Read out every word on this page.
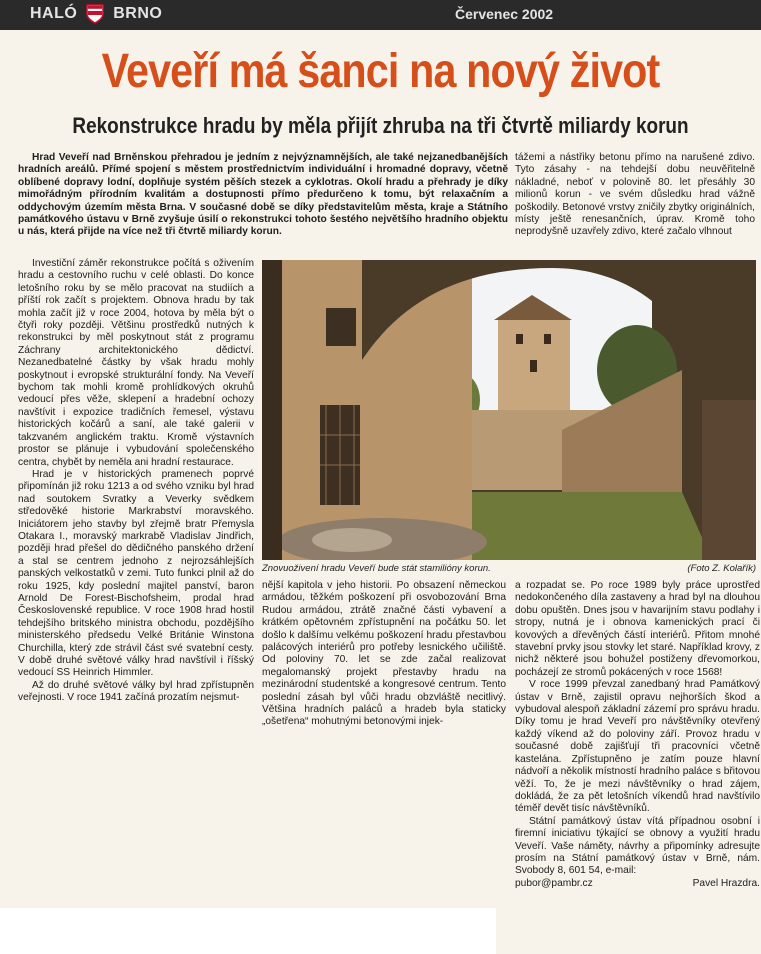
HALÓ BRNO	Červenec 2002
Veveří má šanci na nový život
Rekonstrukce hradu by měla přijít zhruba na tři čtvrtě miliardy korun

Hrad Veveří nad Brněnskou přehradou je jedním z nejvýznamnějších, ale také nejzanedbanějších hradních areálů. Přímé spojení s městem prostřednictvím individuální i hromadné dopravy, včetně oblíbené dopravy lodní, doplňuje systém pěších stezek a cyklotras. Okolí hradu a přehrady je díky mimořádným přírodním kvalitám a dostupnosti přímo předurčeno k tomu, být relaxačním a oddychovým územím města Brna. V současné době se díky představitelům města, kraje a Státního památkového ústavu v Brně zvyšuje úsilí o rekonstrukci tohoto šestého největšího hradního objektu u nás, která přijde na více než tři čtvrtě miliardy korun.

tážemi a nástřiky betonu přímo na narušené zdivo. Tyto zásahy - na tehdejší dobu neuvěřitelně nákladné, neboť v polovině 80. let přesáhly 30 milionů korun - ve svém důsledku hrad vážně poškodily. Betonové vrstvy zničily zbytky originálních, místy ještě renesančních, úprav. Kromě toho neprodyšně uzavřely zdivo, které začalo vlhnout

Investiční záměr rekonstrukce počítá s oživením hradu a cestovního ruchu v celé oblasti. Do konce letošního roku by se mělo pracovat na studiích a příští rok začít s projektem. Obnova hradu by tak mohla začít již v roce 2004, hotova by měla být o čtyři roky později. Většinu prostředků nutných k rekonstrukci by měl poskytnout stát z programu Záchrany architektonického dědictví. Nezanedbatelné částky by však hradu mohly poskytnout i evropské strukturální fondy. Na Veveří bychom tak mohli kromě prohlídkových okruhů vedoucí přes věže, sklepení a hradební ochozy navštívit i expozice tradičních řemesel, výstavu historických kočárů a saní, ale také galerii v takzvaném anglickém traktu. Kromě výstavních prostor se plánuje i vybudování společenského centra, chybět by neměla ani hradní restaurace.

Hrad je v historických pramenech poprvé připomínán již roku 1213 a od svého vzniku byl hrad nad soutokem Svratky a Veverky svědkem středověké historie Markrabství moravského. Iniciátorem jeho stavby byl zřejmě bratr Přemysla Otakara I., moravský markrabě Vladislav Jindřich, později hrad přešel do dědičného panského držení a stal se centrem jednoho z nejrozsáhlejších panských velkostatků v zemi. Tuto funkci plnil až do roku 1925, kdy poslední majitel panství, baron Arnold De Forest-Bischofsheim, prodal hrad Československé republice. V roce 1908 hrad hostil tehdejšího britského ministra obchodu, pozdějšího ministerského předsedu Velké Británie Winstona Churchilla, který zde strávil část své svatební cesty. V době druhé světové války hrad navštívil i říšský vedoucí SS Heinrich Himmler.

Až do druhé světové války byl hrad zpřístupněn veřejnosti. V roce 1941 začíná prozatím nejsmut-

Znovuoživení hradu Veveří bude stát stamilióny korun.	(Foto Z. Kolařík)

nější kapitola v jeho historii. Po obsazení německou armádou, těžkém poškození při osvobozování Brna Rudou armádou, ztrátě značné části vybavení a krátkém opětovném zpřístupnění na počátku 50. let došlo k dalšímu velkému poškození hradu přestavbou palácových interiérů pro potřeby lesnického učiliště. Od poloviny 70. let se zde začal realizovat megalomanský projekt přestavby hradu na mezinárodní studentské a kongresové centrum. Tento poslední zásah byl vůči hradu obzvláště necitlivý. Většina hradních paláců a hradeb byla staticky „ošetřena“ mohutnými betonovými injek-

a rozpadat se. Po roce 1989 byly práce uprostřed nedokončeného díla zastaveny a hrad byl na dlouhou dobu opuštěn. Dnes jsou v havarijním stavu podlahy i stropy, nutná je i obnova kamenických prací či kovových a dřevěných částí interiérů. Přitom mnohé stavební prvky jsou stovky let staré. Například krovy, z nichž některé jsou bohužel postiženy dřevomorkou, pocházejí ze stromů pokácených v roce 1568!

V roce 1999 převzal zanedbaný hrad Památkový ústav v Brně, zajistil opravu nejhorších škod a vybudoval alespoň základní zázemí pro správu hradu. Díky tomu je hrad Veveří pro návštěvníky otevřený každý víkend až do poloviny září. Provoz hradu v současné době zajišťují tři pracovníci včetně kastelána. Zpřístupněno je zatím pouze hlavní nádvoří a několik místností hradního paláce s břitovou věží. To, že je mezi návštěvníky o hrad zájem, dokládá, že za pět letošních víkendů hrad navštívilo téměř devět tisíc návštěvníků.

Státní památkový ústav vítá případnou osobní i firemní iniciativu týkající se obnovy a využití hradu Veveří. Vaše náměty, návrhy a připomínky adresujte prosím na Státní památkový ústav v Brně, nám. Svobody 8, 601 54, e-mail:

pubor@pambr.cz	Pavel Hrazdra.
